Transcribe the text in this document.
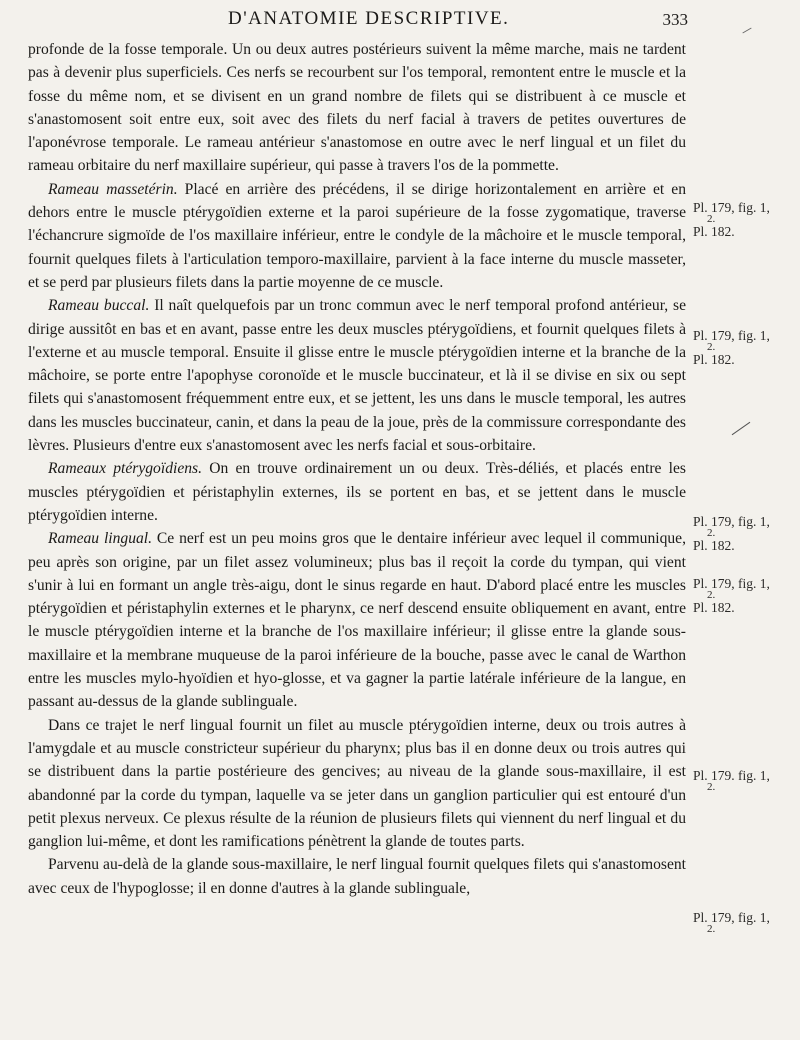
D'ANATOMIE DESCRIPTIVE.	333

profonde de la fosse temporale. Un ou deux autres postérieurs suivent la même marche, mais ne tardent pas à devenir plus superficiels. Ces nerfs se recourbent sur l'os temporal, remontent entre le muscle et la fosse du même nom, et se divisent en un grand nombre de filets qui se distribuent à ce muscle et s'anastomosent soit entre eux, soit avec des filets du nerf facial à travers de petites ouvertures de l'aponévrose temporale. Le rameau antérieur s'anastomose en outre avec le nerf lingual et un filet du rameau orbitaire du nerf maxillaire supérieur, qui passe à travers l'os de la pommette.

Rameau massetérin. Placé en arrière des précédens, il se dirige horizontalement en arrière et en dehors entre le muscle ptérygoïdien externe et la paroi supérieure de la fosse zygomatique, traverse l'échancrure sigmoïde de l'os maxillaire inférieur, entre le condyle de la mâchoire et le muscle temporal, fournit quelques filets à l'articulation temporo-maxillaire, parvient à la face interne du muscle masseter, et se perd par plusieurs filets dans la partie moyenne de ce muscle.

Rameau buccal. Il naît quelquefois par un tronc commun avec le nerf temporal profond antérieur, se dirige aussitôt en bas et en avant, passe entre les deux muscles ptérygoïdiens, et fournit quelques filets à l'externe et au muscle temporal. Ensuite il glisse entre le muscle ptérygoïdien interne et la branche de la mâchoire, se porte entre l'apophyse coronoïde et le muscle buccinateur, et là il se divise en six ou sept filets qui s'anastomosent fréquemment entre eux, et se jettent, les uns dans le muscle temporal, les autres dans les muscles buccinateur, canin, et dans la peau de la joue, près de la commissure correspondante des lèvres. Plusieurs d'entre eux s'anastomosent avec les nerfs facial et sous-orbitaire.

Rameaux ptérygoïdiens. On en trouve ordinairement un ou deux. Très-déliés, et placés entre les muscles ptérygoïdien et péristaphylin externes, ils se portent en bas, et se jettent dans le muscle ptérygoïdien interne.

Rameau lingual. Ce nerf est un peu moins gros que le dentaire inférieur avec lequel il communique, peu après son origine, par un filet assez volumineux; plus bas il reçoit la corde du tympan, qui vient s'unir à lui en formant un angle très-aigu, dont le sinus regarde en haut. D'abord placé entre les muscles ptérygoïdien et péristaphylin externes et le pharynx, ce nerf descend ensuite obliquement en avant, entre le muscle ptérygoïdien interne et la branche de l'os maxillaire inférieur; il glisse entre la glande sous-maxillaire et la membrane muqueuse de la paroi inférieure de la bouche, passe avec le canal de Warthon entre les muscles mylo-hyoïdien et hyo-glosse, et va gagner la partie latérale inférieure de la langue, en passant au-dessus de la glande sublinguale.

Dans ce trajet le nerf lingual fournit un filet au muscle ptérygoïdien interne, deux ou trois autres à l'amygdale et au muscle constricteur supérieur du pharynx; plus bas il en donne deux ou trois autres qui se distribuent dans la partie postérieure des gencives; au niveau de la glande sous-maxillaire, il est abandonné par la corde du tympan, laquelle va se jeter dans un ganglion particulier qui est entouré d'un petit plexus nerveux. Ce plexus résulte de la réunion de plusieurs filets qui viennent du nerf lingual et du ganglion lui-même, et dont les ramifications pénètrent la glande de toutes parts.

Parvenu au-delà de la glande sous-maxillaire, le nerf lingual fournit quelques filets qui s'anastomosent avec ceux de l'hypoglosse; il en donne d'autres à la glande sublinguale,

Pl. 179, fig. 1,
2.
Pl. 182.
Pl. 179, fig. 1,
2.
Pl. 182.
Pl. 179, fig. 1,
2.
Pl. 182.
Pl. 179, fig. 1,
2.
Pl. 182.
Pl. 179. fig. 1,
2.
Pl. 179, fig. 1,
2.
